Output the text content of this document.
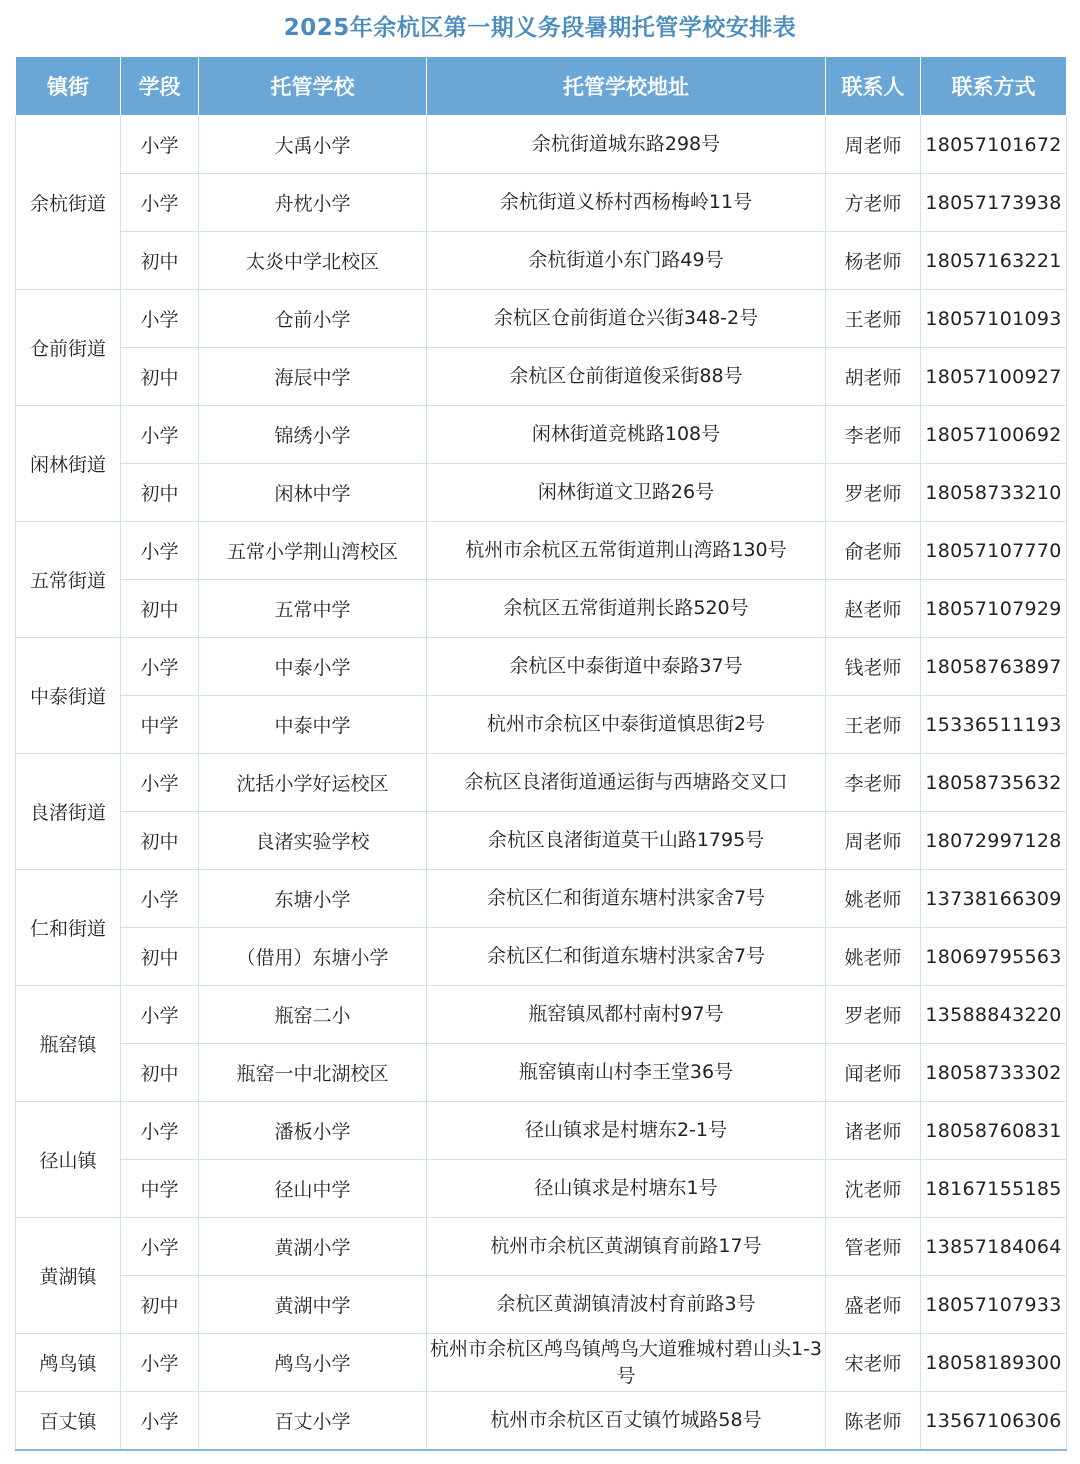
2025年余杭区第一期义务段暑期托管学校安排表
镇街	学段	托管学校	托管学校地址	联系人	联系方式
余杭街道	小学	大禹小学	余杭街道城东路298号	周老师	18057101672
	小学	舟枕小学	余杭街道义桥村西杨梅岭11号	方老师	18057173938
	初中	太炎中学北校区	余杭街道小东门路49号	杨老师	18057163221
仓前街道	小学	仓前小学	余杭区仓前街道仓兴街348-2号	王老师	18057101093
	初中	海辰中学	余杭区仓前街道俊采街88号	胡老师	18057100927
闲林街道	小学	锦绣小学	闲林街道竞桃路108号	李老师	18057100692
	初中	闲林中学	闲林街道文卫路26号	罗老师	18058733210
五常街道	小学	五常小学荆山湾校区	杭州市余杭区五常街道荆山湾路130号	俞老师	18057107770
	初中	五常中学	余杭区五常街道荆长路520号	赵老师	18057107929
中泰街道	小学	中泰小学	余杭区中泰街道中泰路37号	钱老师	18058763897
	中学	中泰中学	杭州市余杭区中泰街道慎思街2号	王老师	15336511193
良渚街道	小学	沈括小学好运校区	余杭区良渚街道通运街与西塘路交叉口	李老师	18058735632
	初中	良渚实验学校	余杭区良渚街道莫干山路1795号	周老师	18072997128
仁和街道	小学	东塘小学	余杭区仁和街道东塘村洪家舍7号	姚老师	13738166309
	初中	（借用）东塘小学	余杭区仁和街道东塘村洪家舍7号	姚老师	18069795563
瓶窑镇	小学	瓶窑二小	瓶窑镇凤都村南村97号	罗老师	13588843220
	初中	瓶窑一中北湖校区	瓶窑镇南山村李王堂36号	闻老师	18058733302
径山镇	小学	潘板小学	径山镇求是村塘东2-1号	诸老师	18058760831
	中学	径山中学	径山镇求是村塘东1号	沈老师	18167155185
黄湖镇	小学	黄湖小学	杭州市余杭区黄湖镇育前路17号	管老师	13857184064
	初中	黄湖中学	余杭区黄湖镇清波村育前路3号	盛老师	18057107933
鸬鸟镇	小学	鸬鸟小学	杭州市余杭区鸬鸟镇鸬鸟大道雅城村碧山头1-3号	宋老师	18058189300
百丈镇	小学	百丈小学	杭州市余杭区百丈镇竹城路58号	陈老师	13567106306
